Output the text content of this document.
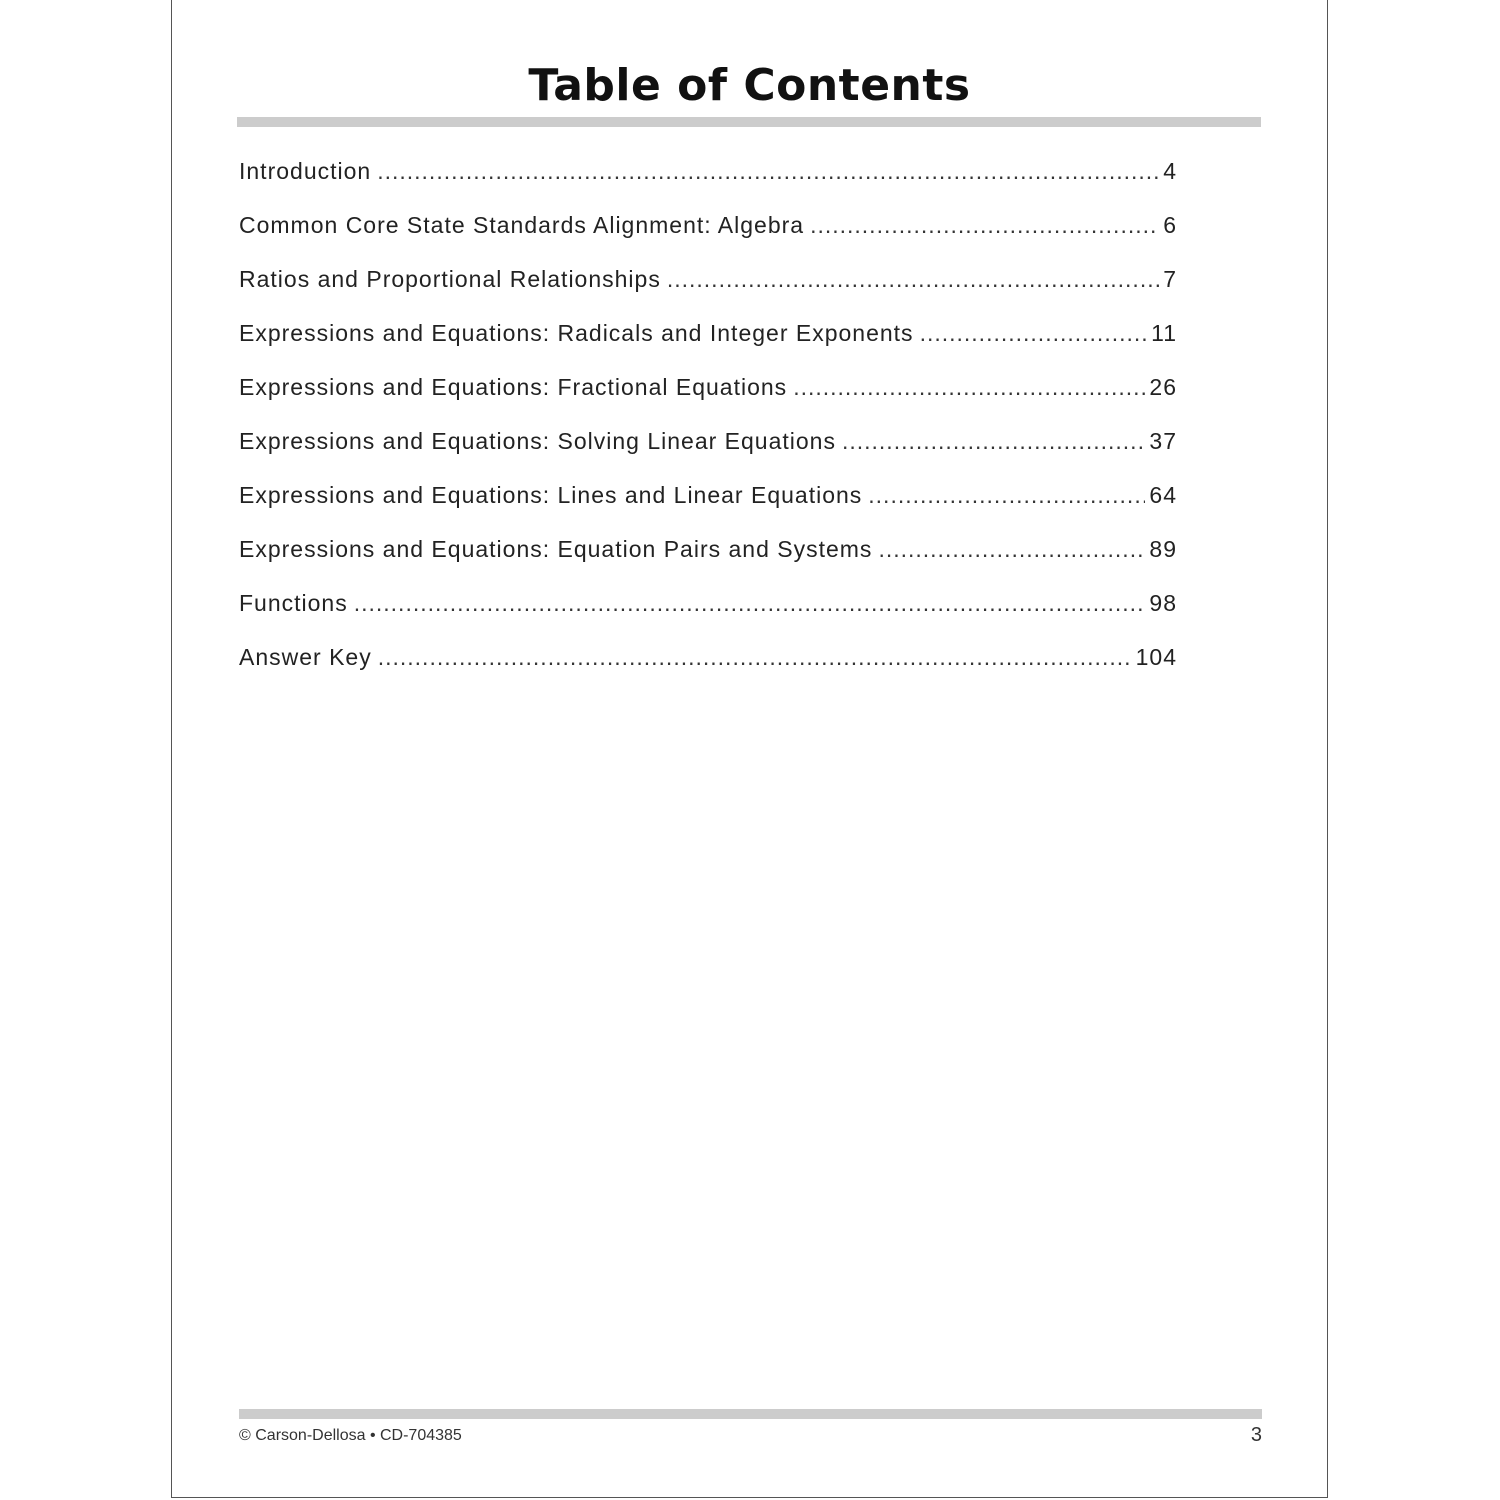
Table of Contents
Introduction .....	4
Common Core State Standards Alignment: Algebra .....	6
Ratios and Proportional Relationships .....	7
Expressions and Equations: Radicals and Integer Exponents .....	11
Expressions and Equations: Fractional Equations .....	26
Expressions and Equations: Solving Linear Equations .....	37
Expressions and Equations: Lines and Linear Equations .....	64
Expressions and Equations: Equation Pairs and Systems .....	89
Functions .....	98
Answer Key .....	104
© Carson-Dellosa • CD-704385	3
